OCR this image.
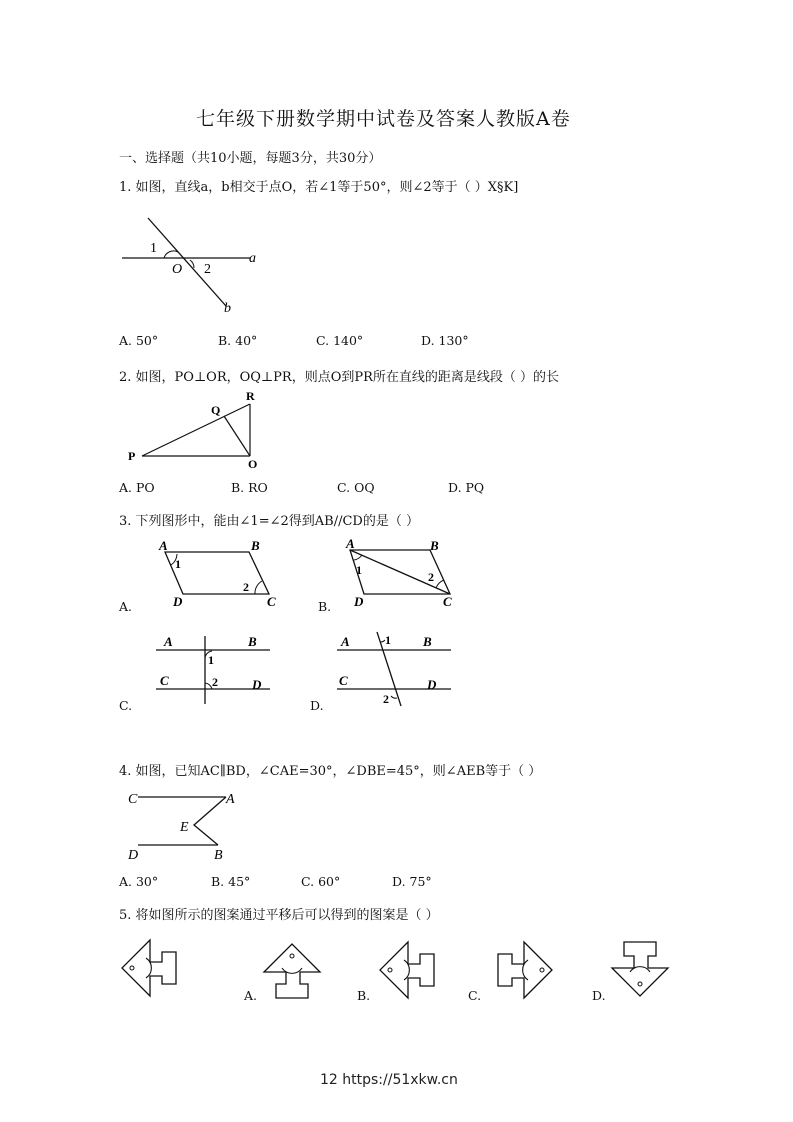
七年级下册数学期中试卷及答案人教版A卷
一、选择题（共10小题，每题3分，共30分）
1. 如图，直线a，b相交于点O，若∠1等于50°，则∠2等于（ ）X§K]
1
O 2
a
b
A. 50°	B. 40°	C. 140°	D. 130°
2. 如图，PO⊥OR，OQ⊥PR，则点O到PR所在直线的距离是线段（ ）的长
R
Q
P
O
A. PO	B. RO	C. OQ	D. PQ
3. 下列图形中，能由∠1=∠2得到AB//CD的是（ ）
A	B
C
D
1
2
A.
A	B
C
D
1	2
B.
A	B
C	D
1
2
C.
A	B
C	D
1
2
D.
4. 如图，已知AC∥BD，∠CAE=30°，∠DBE=45°，则∠AEB等于（ ）
C	A
E
D	B
A. 30°	B. 45°	C. 60°	D. 75°
5. 将如图所示的图案通过平移后可以得到的图案是（ ）
A.	B.	C.	D.
12 https://51xkw.cn
